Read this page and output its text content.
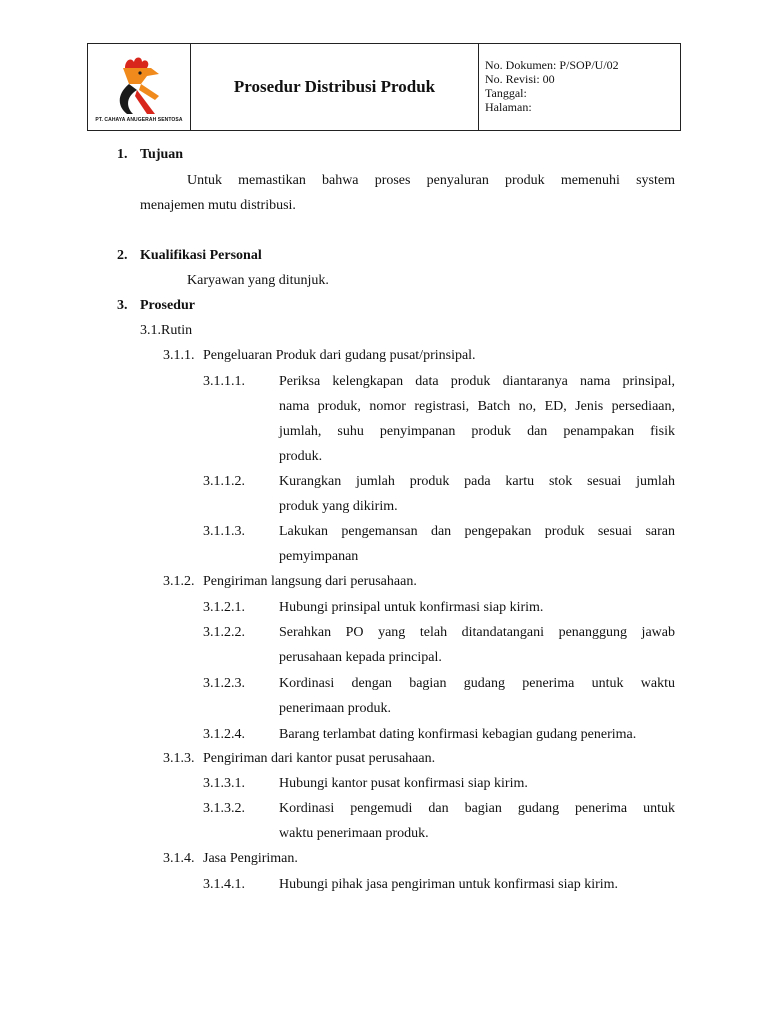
PT. CAHAYA ANUGERAH SENTOSA
Prosedur Distribusi Produk
No. Dokumen: P/SOP/U/02
No. Revisi: 00
Tanggal:
Halaman:
1. Tujuan
Untuk memastikan bahwa proses penyaluran produk memenuhi system
menajemen mutu distribusi.
2. Kualifikasi Personal
Karyawan yang ditunjuk.
3. Prosedur
3.1.Rutin
3.1.1. Pengeluaran Produk dari gudang pusat/prinsipal.
3.1.1.1. Periksa kelengkapan data produk diantaranya nama prinsipal,
nama produk, nomor registrasi, Batch no, ED, Jenis persediaan,
jumlah, suhu penyimpanan produk dan penampakan fisik
produk.
3.1.1.2. Kurangkan jumlah produk pada kartu stok sesuai jumlah
produk yang dikirim.
3.1.1.3. Lakukan pengemansan dan pengepakan produk sesuai saran
pemyimpanan
3.1.2. Pengiriman langsung dari perusahaan.
3.1.2.1. Hubungi prinsipal untuk konfirmasi siap kirim.
3.1.2.2. Serahkan PO yang telah ditandatangani penanggung jawab
perusahaan kepada principal.
3.1.2.3. Kordinasi dengan bagian gudang penerima untuk waktu
penerimaan produk.
3.1.2.4. Barang terlambat dating konfirmasi kebagian gudang penerima.
3.1.3. Pengiriman dari kantor pusat perusahaan.
3.1.3.1. Hubungi kantor pusat konfirmasi siap kirim.
3.1.3.2. Kordinasi pengemudi dan bagian gudang penerima untuk
waktu penerimaan produk.
3.1.4. Jasa Pengiriman.
3.1.4.1. Hubungi pihak jasa pengiriman untuk konfirmasi siap kirim.
